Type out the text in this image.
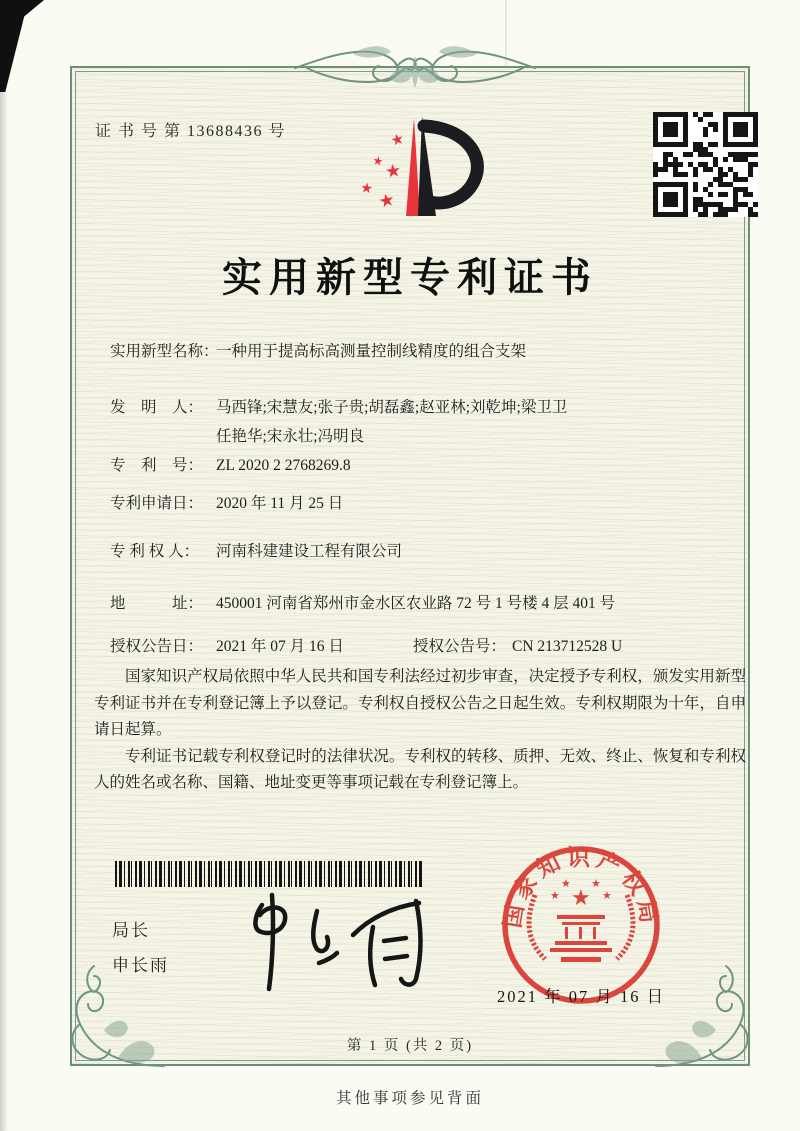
证 书 号 第 13688436 号	★
★ ★
★ ★
实用新型专利证书
实用新型名称：一种用于提高标高测量控制线精度的组合支架
发　明　人： 马西锋;宋慧友;张子贵;胡磊鑫;赵亚林;刘乾坤;梁卫卫
任艳华;宋永壮;冯明良
专　利　号： ZL 2020 2 2768269.8
专利申请日： 2020 年 11 月 25 日
专 利 权 人： 河南科建建设工程有限公司
地　　　址： 450001 河南省郑州市金水区农业路 72 号 1 号楼 4 层 401 号
授权公告日： 2021 年 07 月 16 日	授权公告号： CN 213712528 U

国家知识产权局依照中华人民共和国专利法经过初步审查，决定授予专利权，颁发实用新型专利证书并在专利登记簿上予以登记。专利权自授权公告之日起生效。专利权期限为十年，自申请日起算。

专利证书记载专利权登记时的法律状况。专利权的转移、质押、无效、终止、恢复和专利权人的姓名或名称、国籍、地址变更等事项记载在专利登记簿上。

局长
申长雨
国家知识产权局
★
★
★ ★
★
2021 年 07 月 16 日
第 1 页 (共 2 页)
其他事项参见背面
